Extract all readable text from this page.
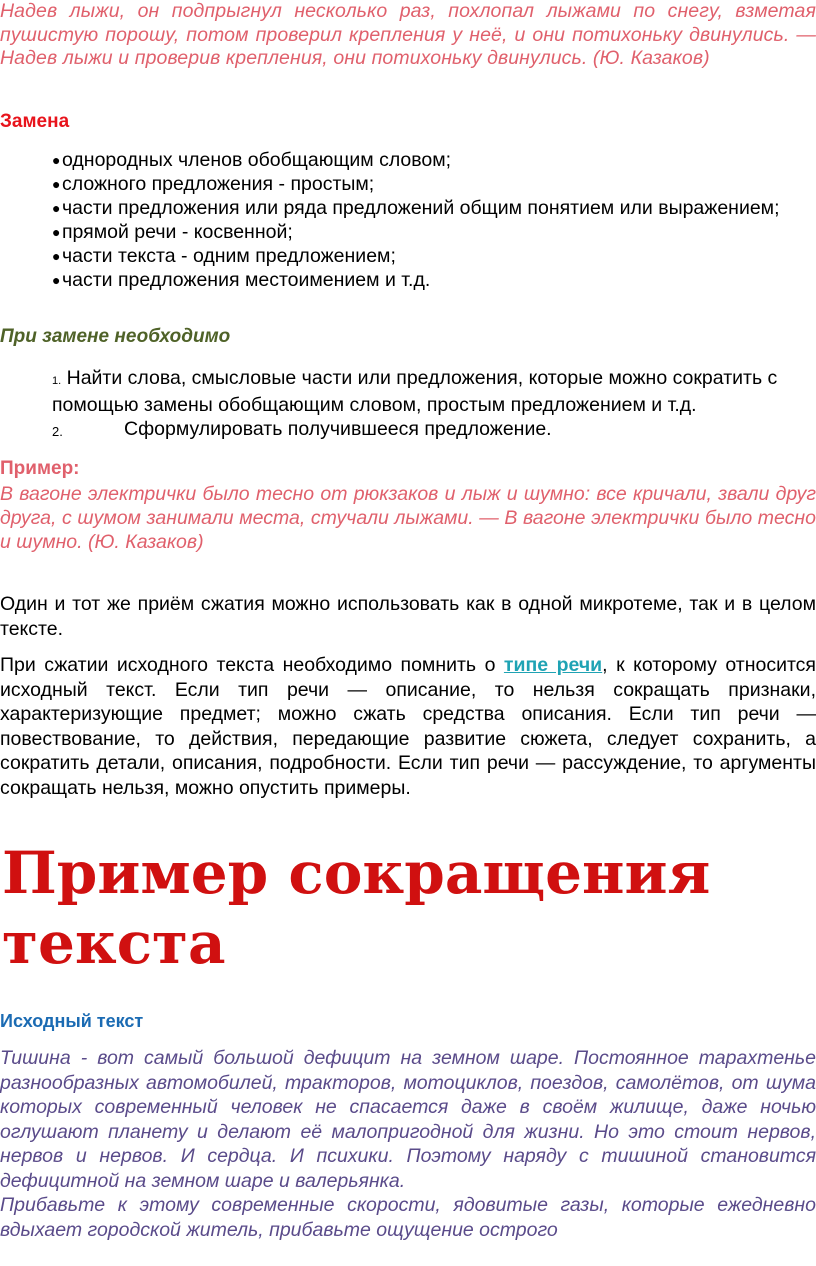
Надев лыжи, он подпрыгнул несколько раз, похлопал лыжами по снегу, взметая пушистую порошу, потом проверил крепления у неё, и они потихоньку двинулись. — Надев лыжи и проверив крепления, они потихоньку двинулись. (Ю. Казаков)
Замена
● однородных членов обобщающим словом;
● сложного предложения - простым;
● части предложения или ряда предложений общим понятием или выражением;
● прямой речи - косвенной;
● части текста - одним предложением;
● части предложения местоимением и т.д.
При замене необходимо
1. Найти слова, смысловые части или предложения, которые можно сократить с помощью замены обобщающим словом, простым предложением и т.д.
2.	Сформулировать получившееся предложение.
Пример:
В вагоне электрички было тесно от рюкзаков и лыж и шумно: все кричали, звали друг друга, с шумом занимали места, стучали лыжами. — В вагоне электрички было тесно и шумно. (Ю. Казаков)
Один и тот же приём сжатия можно использовать как в одной микротеме, так и в целом тексте.
При сжатии исходного текста необходимо помнить о типе речи, к которому относится исходный текст. Если тип речи — описание, то нельзя сокращать признаки, характеризующие предмет; можно сжать средства описания. Если тип речи — повествование, то действия, передающие развитие сюжета, следует сохранить, а сократить детали, описания, подробности. Если тип речи — рассуждение, то аргументы сокращать нельзя, можно опустить примеры.
Пример сокращения текста
Исходный текст
Тишина - вот самый большой дефицит на земном шаре. Постоянное тарахтенье разнообразных автомобилей, тракторов, мотоциклов, поездов, самолётов, от шума которых современный человек не спасается даже в своём жилище, даже ночью оглушают планету и делают её малопригодной для жизни. Но это стоит нервов, нервов и нервов. И сердца. И психики. Поэтому наряду с тишиной становится дефицитной на земном шаре и валерьянка.
Прибавьте к этому современные скорости, ядовитые газы, которые ежедневно вдыхает городской житель, прибавьте ощущение острого
